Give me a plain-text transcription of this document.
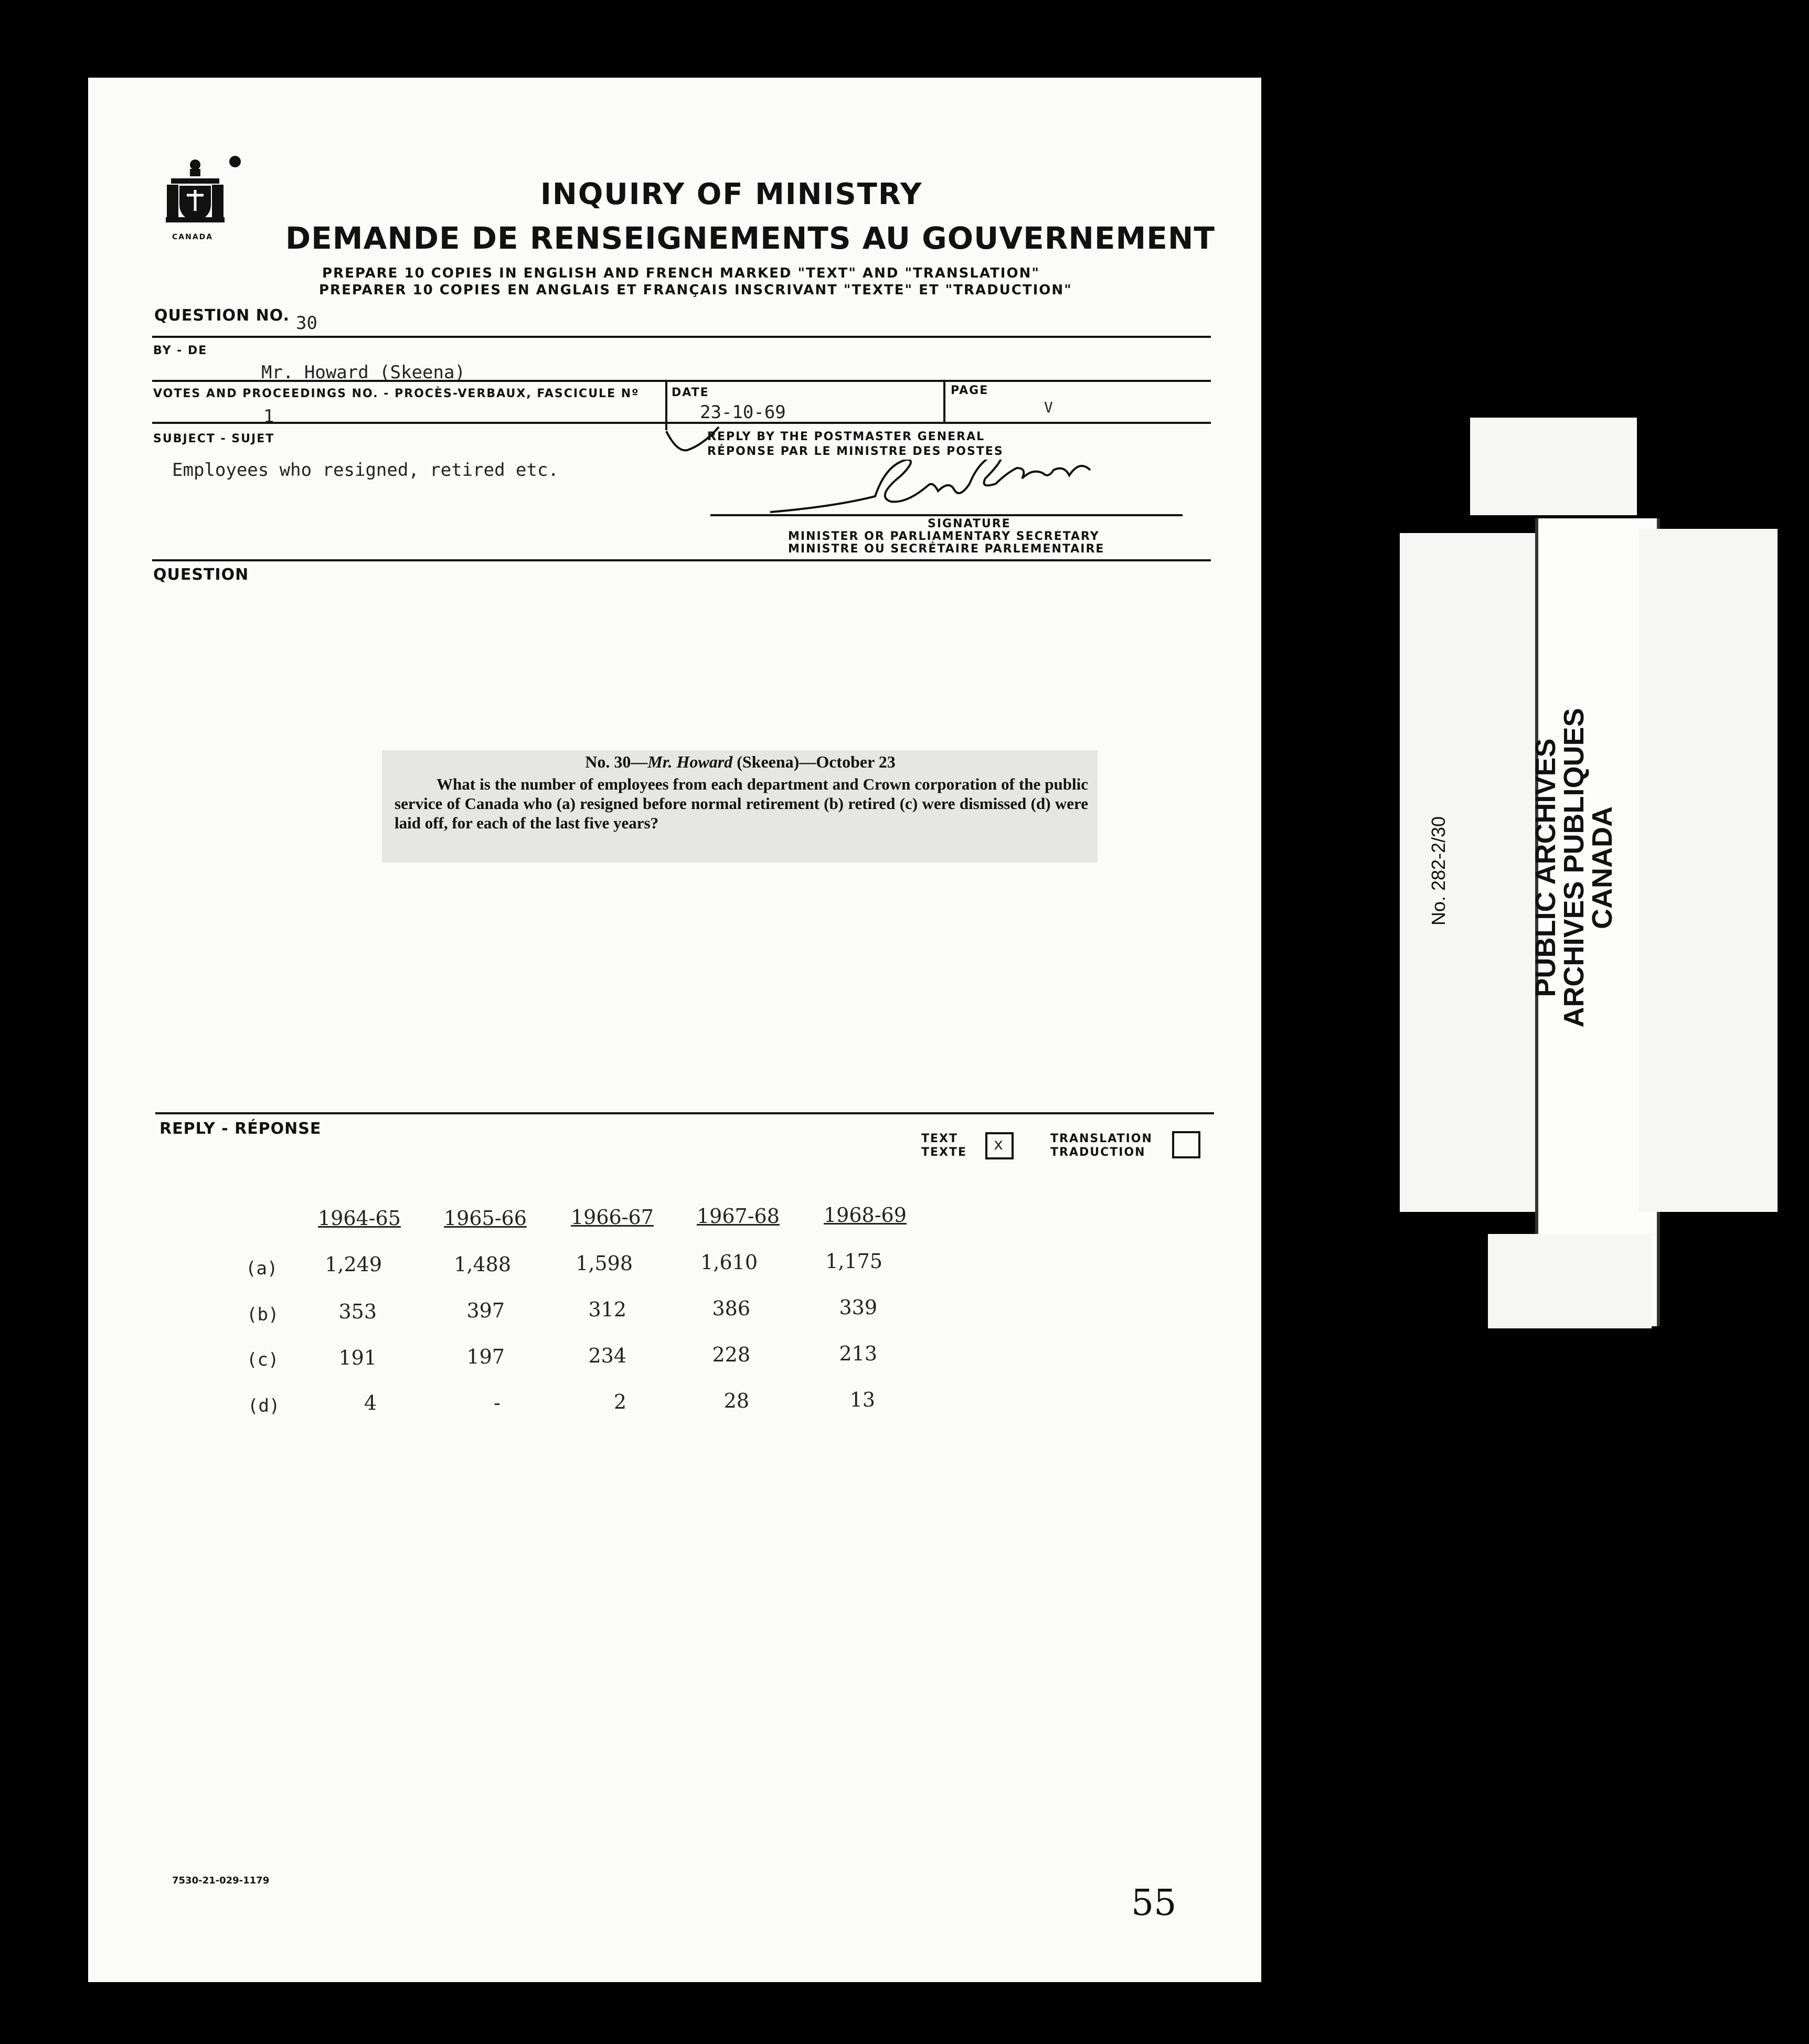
CANADA
INQUIRY OF MINISTRY
DEMANDE DE RENSEIGNEMENTS AU GOUVERNEMENT
PREPARE 10 COPIES IN ENGLISH AND FRENCH MARKED "TEXT" AND "TRANSLATION"
PREPARER 10 COPIES EN ANGLAIS ET FRANÇAIS INSCRIVANT "TEXTE" ET "TRADUCTION"
QUESTION NO. 30
BY - DE
Mr. Howard (Skeena)
VOTES AND PROCEEDINGS NO. - PROCÈS-VERBAUX, FASCICULE Nº
1
DATE
23-10-69
PAGE
V
SUBJECT - SUJET
Employees who resigned, retired etc.
REPLY BY THE POSTMASTER GENERAL
RÉPONSE PAR LE MINISTRE DES POSTES
SIGNATURE
MINISTER OR PARLIAMENTARY SECRETARY
MINISTRE OU SECRÉTAIRE PARLEMENTAIRE
QUESTION
No. 30—Mr. Howard (Skeena)—October 23
What is the number of employees from each department and Crown corporation of the public service of Canada who (a) resigned before normal retirement (b) retired (c) were dismissed (d) were laid off, for each of the last five years?
REPLY - RÉPONSE
TEXT
TEXTE x	TRANSLATION
TRADUCTION
1964-65 1965-66 1966-67 1967-68 1968-69
(a)	1,249	1,488	1,598	1,610	1,175
(b)	353	397	312	386	339
(c)	191	197	234	228	213
(d)	4	-	2	28	13
7530-21-029-1179
55
No. 282-2/30	PUBLIC ARCHIVES
ARCHIVES PUBLIQUES
CANADA
